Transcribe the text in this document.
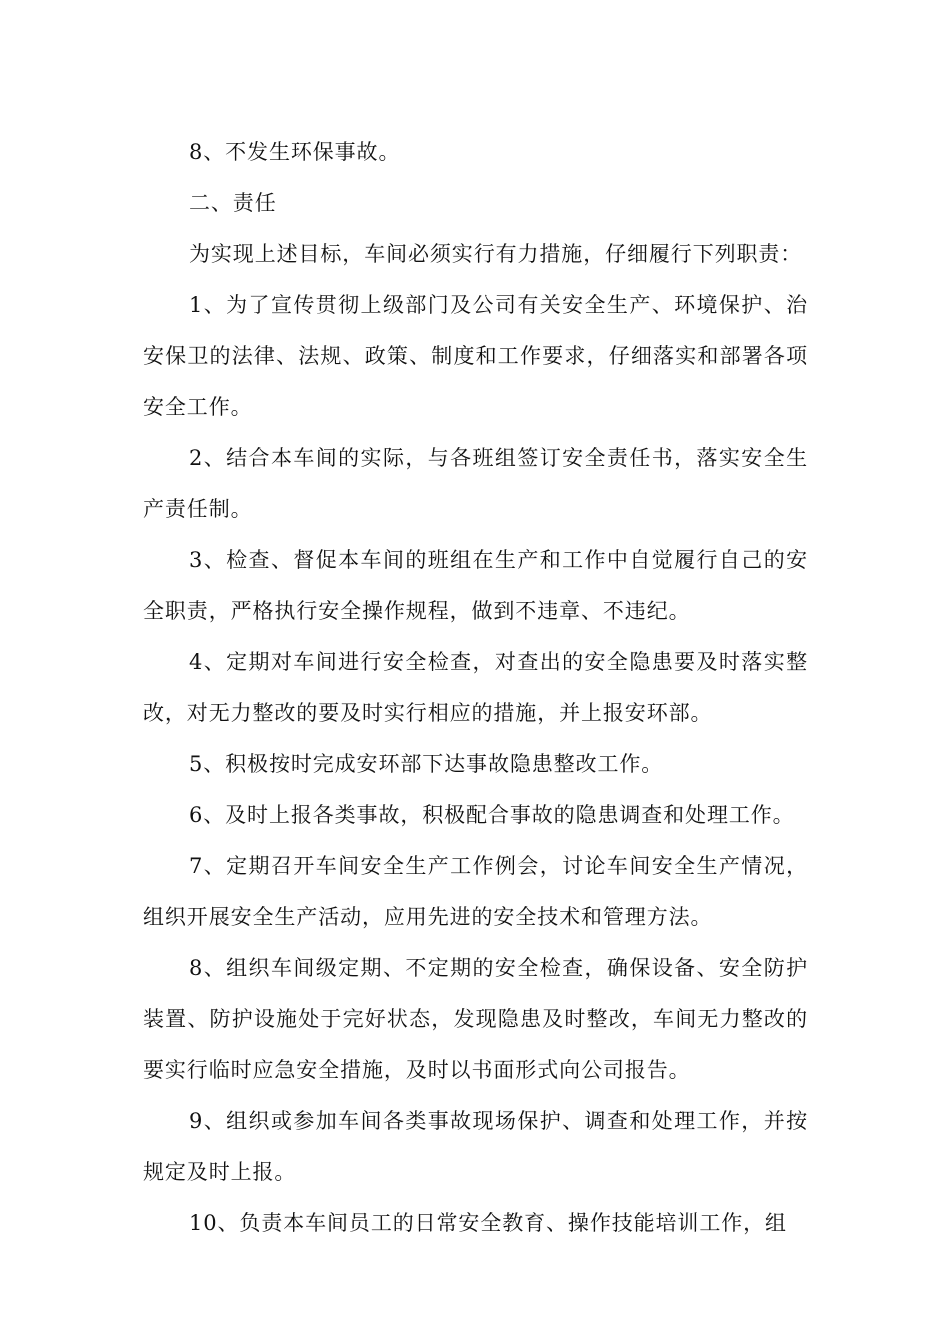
8、不发生环保事故。

二、责任

为实现上述目标，车间必须实行有力措施，仔细履行下列职责：

1、为了宣传贯彻上级部门及公司有关安全生产、环境保护、治安保卫的法律、法规、政策、制度和工作要求，仔细落实和部署各项安全工作。

2、结合本车间的实际，与各班组签订安全责任书，落实安全生产责任制。

3、检查、督促本车间的班组在生产和工作中自觉履行自己的安全职责，严格执行安全操作规程，做到不违章、不违纪。

4、定期对车间进行安全检查，对查出的安全隐患要及时落实整改，对无力整改的要及时实行相应的措施，并上报安环部。

5、积极按时完成安环部下达事故隐患整改工作。

6、及时上报各类事故，积极配合事故的隐患调查和处理工作。

7、定期召开车间安全生产工作例会，讨论车间安全生产情况，组织开展安全生产活动，应用先进的安全技术和管理方法。

8、组织车间级定期、不定期的安全检查，确保设备、安全防护装置、防护设施处于完好状态，发现隐患及时整改，车间无力整改的要实行临时应急安全措施，及时以书面形式向公司报告。

9、组织或参加车间各类事故现场保护、调查和处理工作，并按规定及时上报。

10、负责本车间员工的日常安全教育、操作技能培训工作，组
